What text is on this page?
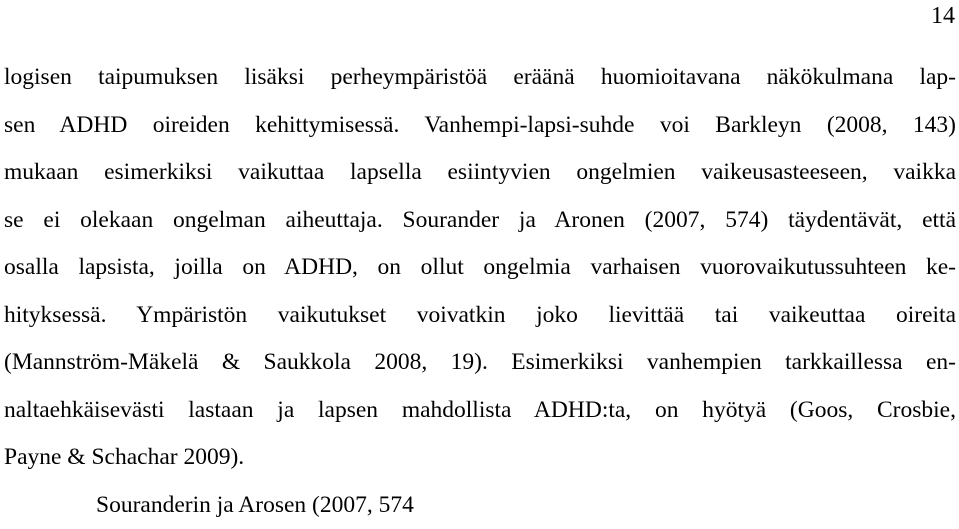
14
logisen taipumuksen lisäksi perheympäristöä eräänä huomioitavana näkökulmana lap-
sen ADHD oireiden kehittymisessä. Vanhempi-lapsi-suhde voi Barkleyn (2008, 143)
mukaan esimerkiksi vaikuttaa lapsella esiintyvien ongelmien vaikeusasteeseen, vaikka
se ei olekaan ongelman aiheuttaja. Sourander ja Aronen (2007, 574) täydentävät, että
osalla lapsista, joilla on ADHD, on ollut ongelmia varhaisen vuorovaikutussuhteen ke-
hityksessä. Ympäristön vaikutukset voivatkin joko lievittää tai vaikeuttaa oireita
(Mannström-Mäkelä & Saukkola 2008, 19). Esimerkiksi vanhempien tarkkaillessa en-
naltaehkäisevästi lastaan ja lapsen mahdollista ADHD:ta, on hyötyä (Goos, Crosbie,
Payne & Schachar 2009).
Souranderin ja Arosen (2007, 574
